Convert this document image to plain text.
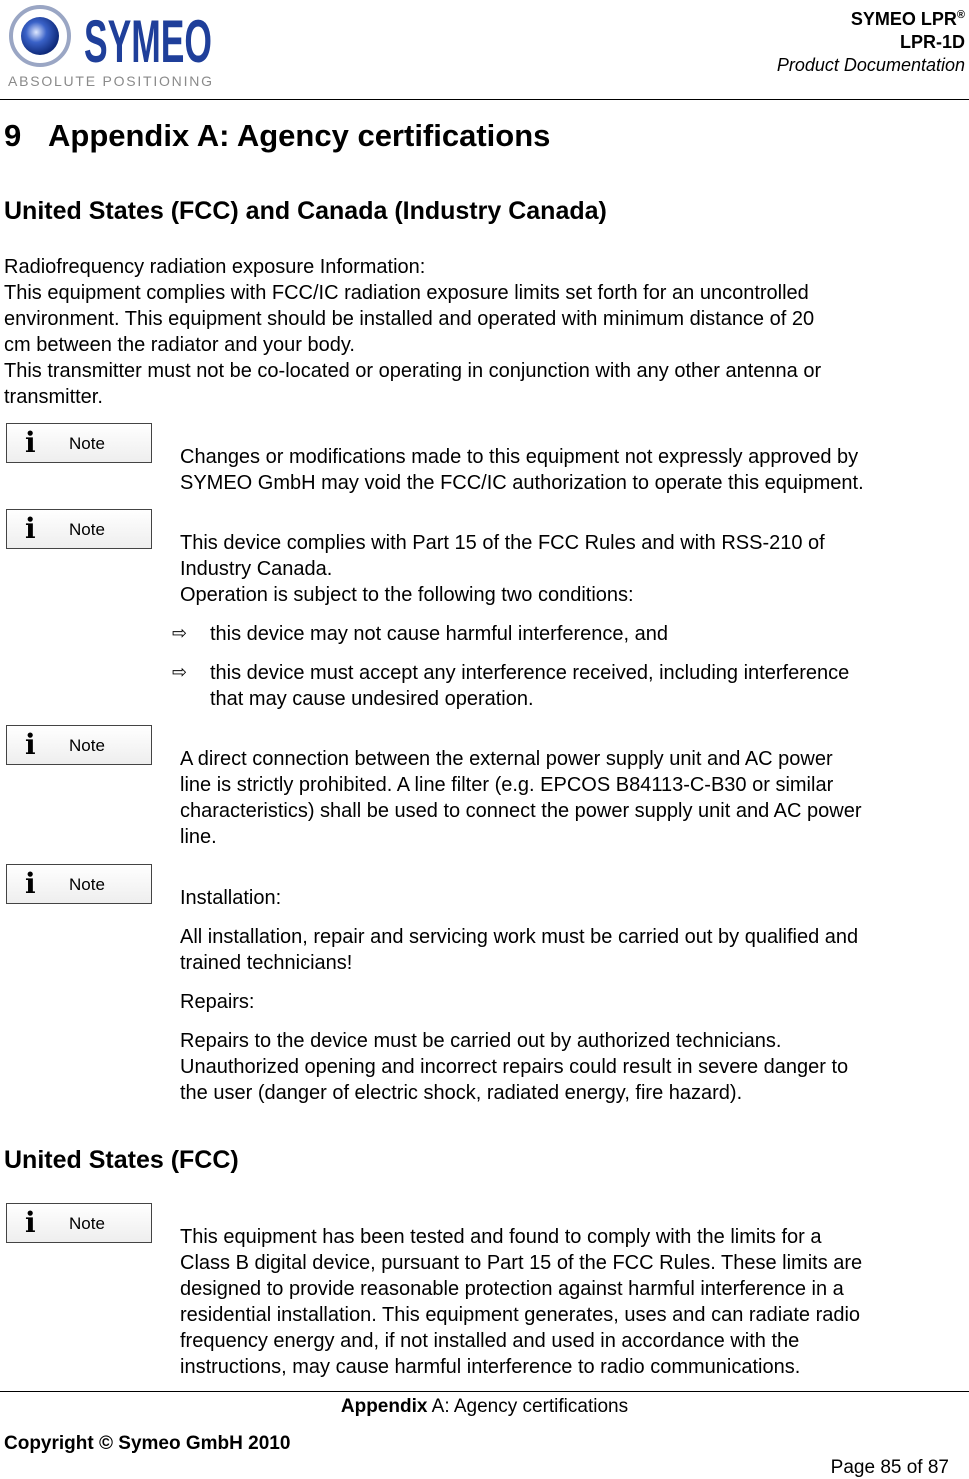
SYMEO
ABSOLUTE POSITIONING
SYMEO LPR®
LPR-1D
Product Documentation
9 Appendix A: Agency certifications
United States (FCC) and Canada (Industry Canada)
Radiofrequency radiation exposure Information:
This equipment complies with FCC/IC radiation exposure limits set forth for an uncontrolled
environment. This equipment should be installed and operated with minimum distance of 20
cm between the radiator and your body.
This transmitter must not be co-located or operating in conjunction with any other antenna or
transmitter.
i Note
Changes or modifications made to this equipment not expressly approved by
SYMEO GmbH may void the FCC/IC authorization to operate this equipment.
i Note
This device complies with Part 15 of the FCC Rules and with RSS-210 of
Industry Canada.
Operation is subject to the following two conditions:
⇨ this device may not cause harmful interference, and
⇨ this device must accept any interference received, including interference
that may cause undesired operation.
i Note
A direct connection between the external power supply unit and AC power
line is strictly prohibited. A line filter (e.g. EPCOS B84113-C-B30 or similar
characteristics) shall be used to connect the power supply unit and AC power
line.
i Note
Installation:
All installation, repair and servicing work must be carried out by qualified and
trained technicians!
Repairs:
Repairs to the device must be carried out by authorized technicians.
Unauthorized opening and incorrect repairs could result in severe danger to
the user (danger of electric shock, radiated energy, fire hazard).
United States (FCC)
i Note
This equipment has been tested and found to comply with the limits for a
Class B digital device, pursuant to Part 15 of the FCC Rules. These limits are
designed to provide reasonable protection against harmful interference in a
residential installation. This equipment generates, uses and can radiate radio
frequency energy and, if not installed and used in accordance with the
instructions, may cause harmful interference to radio communications.
Appendix A: Agency certifications
Copyright © Symeo GmbH 2010
Page 85 of 87
